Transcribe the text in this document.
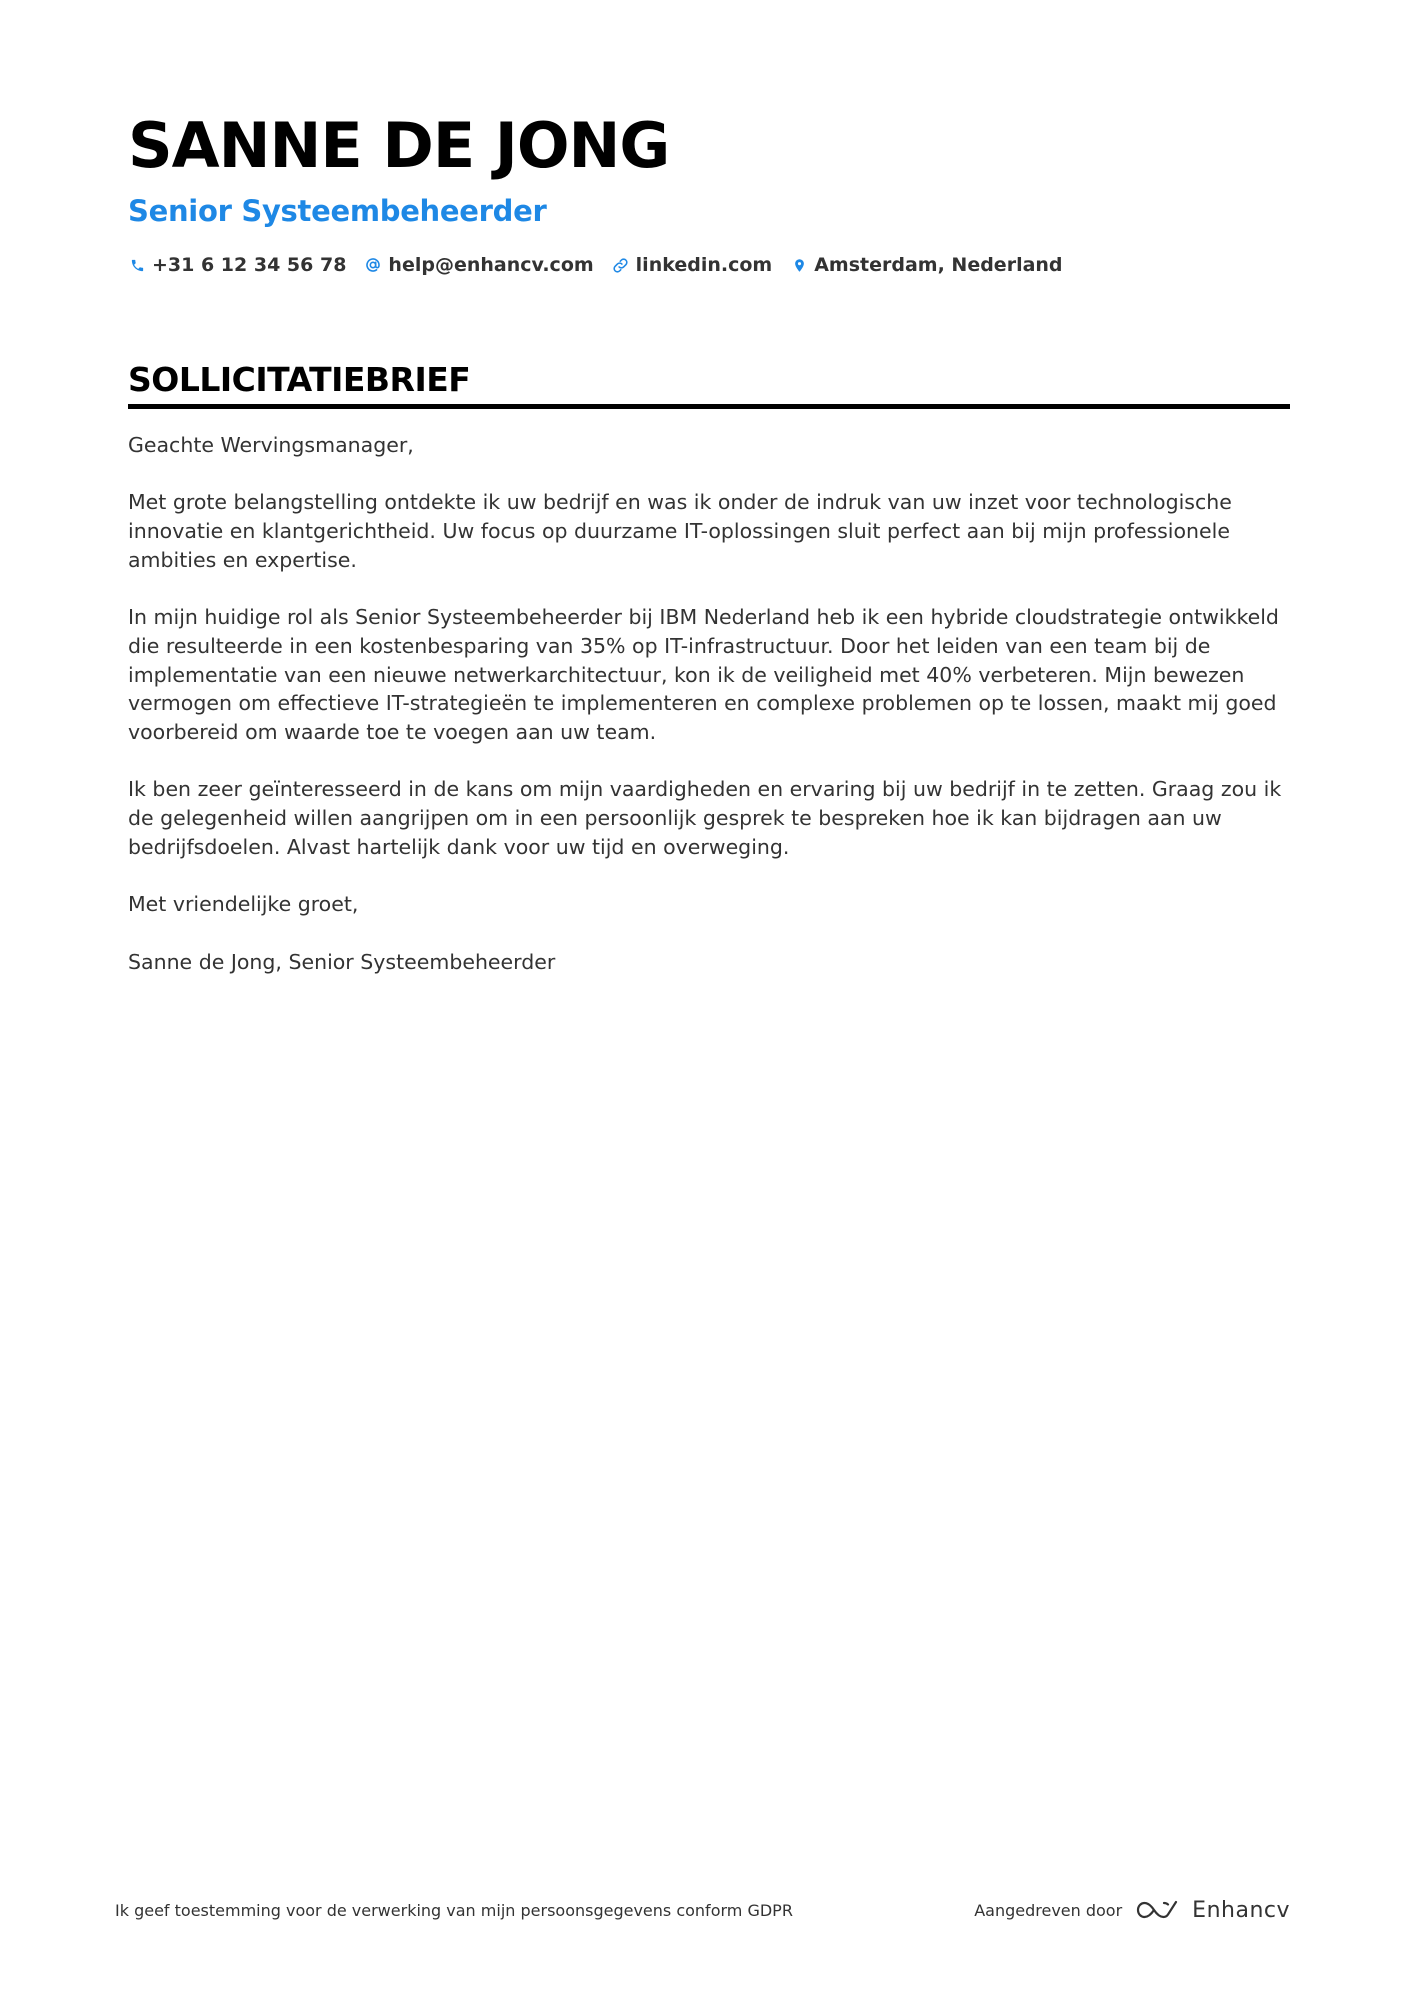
SANNE DE JONG
Senior Systeembeheerder
+31 6 12 34 56 78 help@enhancv.com linkedin.com Amsterdam, Nederland
SOLLICITATIEBRIEF

Geachte Wervingsmanager,

Met grote belangstelling ontdekte ik uw bedrijf en was ik onder de indruk van uw inzet voor technologische innovatie en klantgerichtheid. Uw focus op duurzame IT-oplossingen sluit perfect aan bij mijn professionele ambities en expertise.

In mijn huidige rol als Senior Systeembeheerder bij IBM Nederland heb ik een hybride cloudstrategie ontwikkeld die resulteerde in een kostenbesparing van 35% op IT-infrastructuur. Door het leiden van een team bij de implementatie van een nieuwe netwerkarchitectuur, kon ik de veiligheid met 40% verbeteren. Mijn bewezen vermogen om effectieve IT-strategieën te implementeren en complexe problemen op te lossen, maakt mij goed voorbereid om waarde toe te voegen aan uw team.

Ik ben zeer geïnteresseerd in de kans om mijn vaardigheden en ervaring bij uw bedrijf in te zetten. Graag zou ik de gelegenheid willen aangrijpen om in een persoonlijk gesprek te bespreken hoe ik kan bijdragen aan uw bedrijfsdoelen. Alvast hartelijk dank voor uw tijd en overweging.

Met vriendelijke groet,

Sanne de Jong, Senior Systeembeheerder

Ik geef toestemming voor de verwerking van mijn persoonsgegevens conform GDPR	Aangedreven door	Enhancv
